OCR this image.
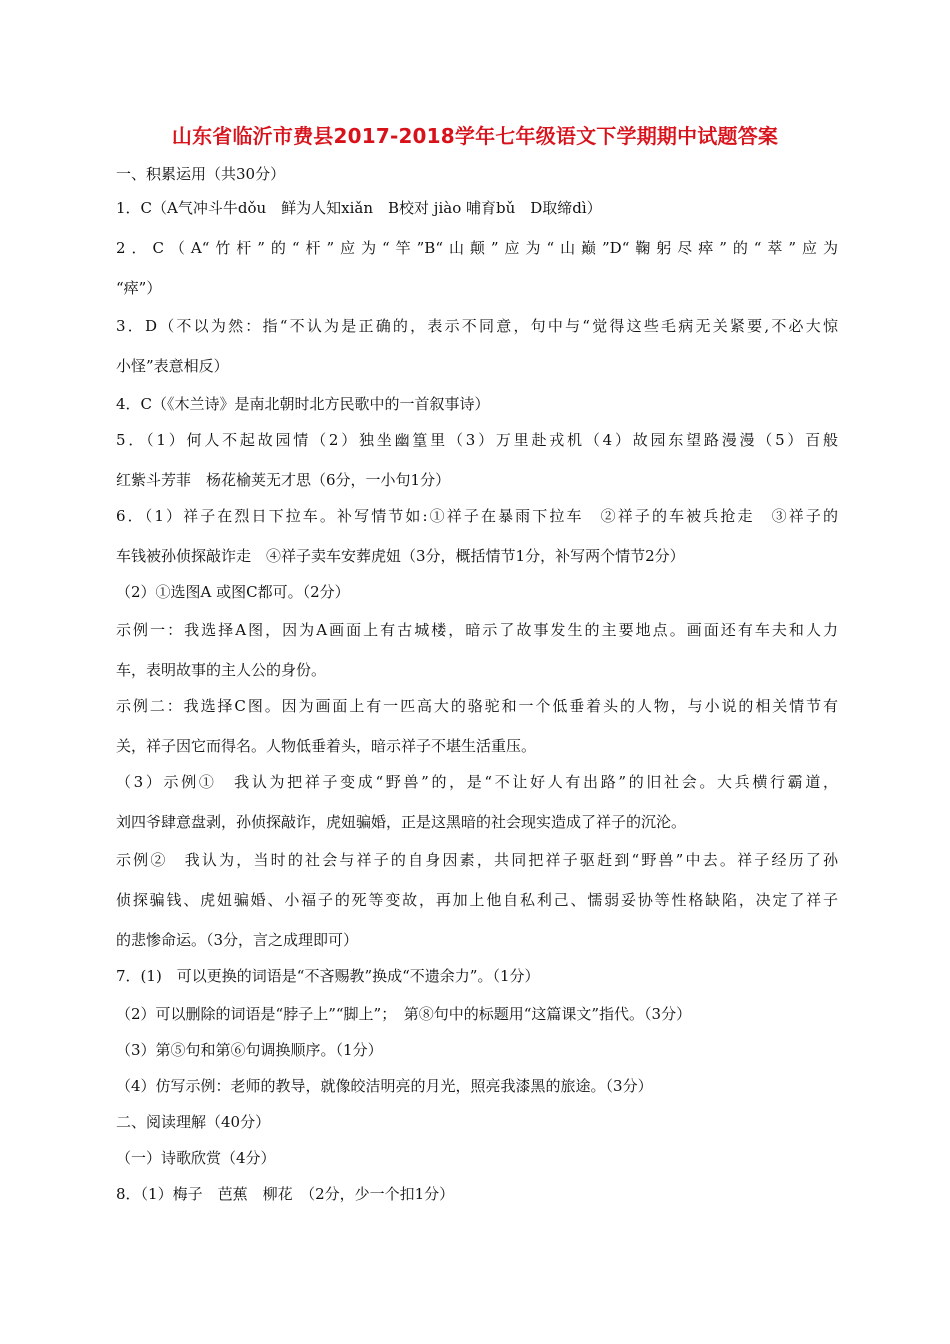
山东省临沂市费县2017-2018学年七年级语文下学期期中试题答案
一、积累运用（共30分）
1．C（A气冲斗牛dǒu　鲜为人知xiǎn　B校对 jiào 哺育bǔ　D取缔dì）
2．C（A“竹杆”的“杆”应为“竿”B“山颠”应为“山巅”D“鞠躬尽瘁”的“萃”应为
“瘁”）
3．D（不以为然：指“不认为是正确的，表示不同意，句中与“觉得这些毛病无关紧要,不必大惊
小怪”表意相反）
4．C（《木兰诗》是南北朝时北方民歌中的一首叙事诗）
5．（1）何人不起故园情（2）独坐幽篁里（3）万里赴戎机（4）故园东望路漫漫（5）百般
红紫斗芳菲　杨花榆荚无才思（6分，一小句1分）
6．（1）祥子在烈日下拉车。补写情节如:①祥子在暴雨下拉车　②祥子的车被兵抢走　③祥子的
车钱被孙侦探敲诈走　④祥子卖车安葬虎妞（3分，概括情节1分，补写两个情节2分）
（2）①选图A 或图C都可。（2分）
示例一：我选择A图，因为A画面上有古城楼，暗示了故事发生的主要地点。画面还有车夫和人力
车，表明故事的主人公的身份。
示例二：我选择C图。因为画面上有一匹高大的骆驼和一个低垂着头的人物，与小说的相关情节有
关，祥子因它而得名。人物低垂着头，暗示祥子不堪生活重压。
（3）示例①　我认为把祥子变成“野兽”的，是“不让好人有出路”的旧社会。大兵横行霸道，
刘四爷肆意盘剥，孙侦探敲诈，虎妞骗婚，正是这黑暗的社会现实造成了祥子的沉沦。
示例②　我认为，当时的社会与祥子的自身因素，共同把祥子驱赶到“野兽”中去。祥子经历了孙
侦探骗钱、虎妞骗婚、小福子的死等变故，再加上他自私利己、懦弱妥协等性格缺陷，决定了祥子
的悲惨命运。（3分，言之成理即可）
7．(1)　可以更换的词语是“不吝赐教”换成“不遗余力”。（1分）
（2）可以删除的词语是“脖子上”“脚上”；　第⑧句中的标题用“这篇课文”指代。（3分）
（3）第⑤句和第⑥句调换顺序。（1分）
（4）仿写示例：老师的教导，就像皎洁明亮的月光，照亮我漆黑的旅途。（3分）
二、阅读理解（40分）
（一）诗歌欣赏（4分）
8．（1）梅子　芭蕉　柳花　（2分，少一个扣1分）
